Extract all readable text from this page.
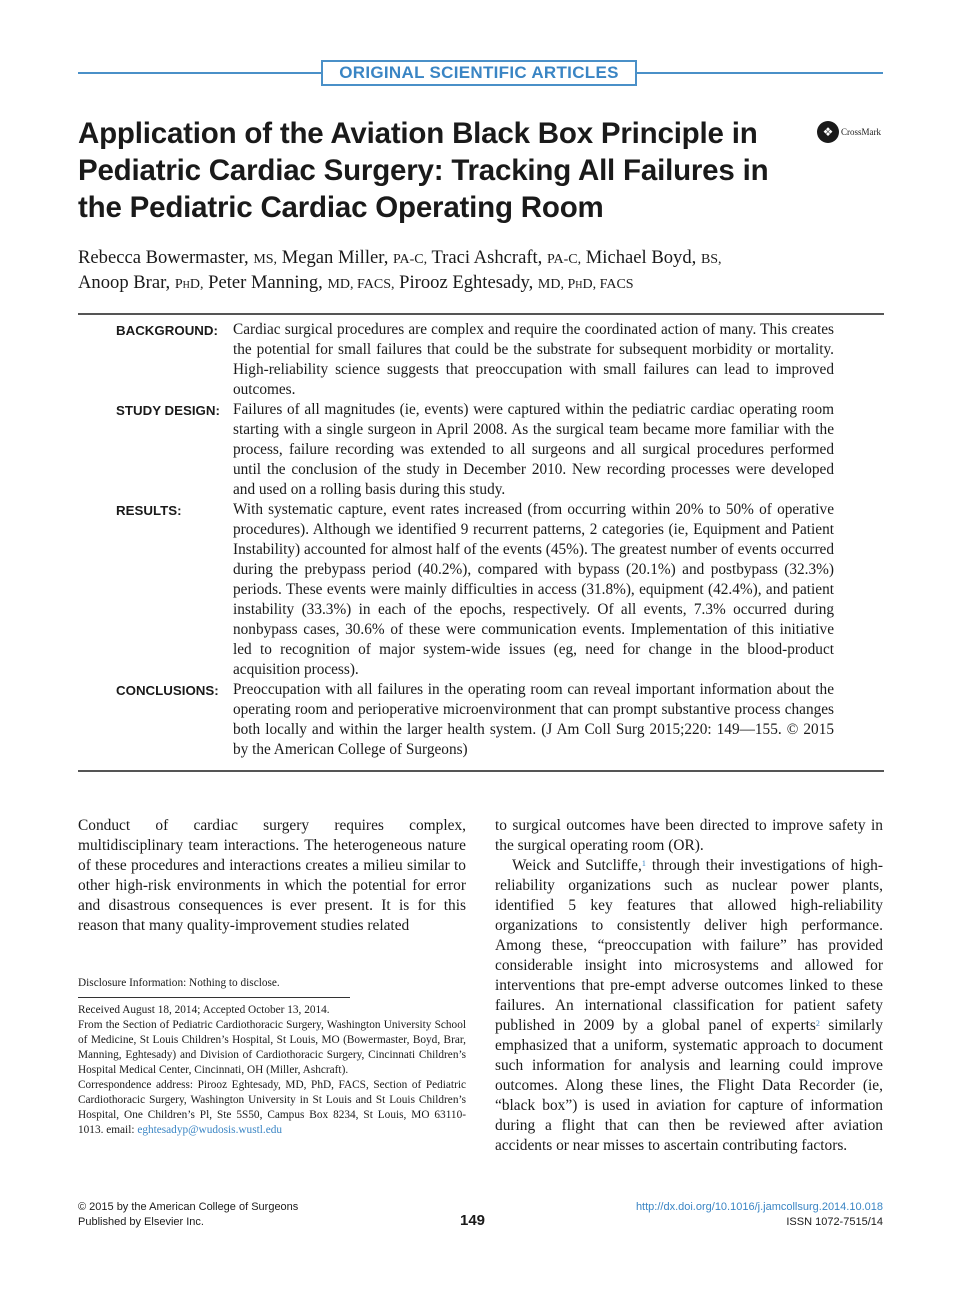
ORIGINAL SCIENTIFIC ARTICLES
Application of the Aviation Black Box Principle in Pediatric Cardiac Surgery: Tracking All Failures in the Pediatric Cardiac Operating Room
❖ CrossMark
Rebecca Bowermaster, MS, Megan Miller, PA-C, Traci Ashcraft, PA-C, Michael Boyd, BS,
Anoop Brar, PhD, Peter Manning, MD, FACS, Pirooz Eghtesady, MD, PhD, FACS
BACKGROUND: Cardiac surgical procedures are complex and require the coordinated action of many. This creates the potential for small failures that could be the substrate for subsequent morbidity or mortality. High-reliability science suggests that preoccupation with small failures can lead to improved outcomes.
STUDY DESIGN: Failures of all magnitudes (ie, events) were captured within the pediatric cardiac operating room starting with a single surgeon in April 2008. As the surgical team became more familiar with the process, failure recording was extended to all surgeons and all surgical procedures performed until the conclusion of the study in December 2010. New recording processes were developed and used on a rolling basis during this study.
RESULTS:	With systematic capture, event rates increased (from occurring within 20% to 50% of operative procedures). Although we identified 9 recurrent patterns, 2 categories (ie, Equipment and Patient Instability) accounted for almost half of the events (45%). The greatest number of events occurred during the prebypass period (40.2%), compared with bypass (20.1%) and postbypass (32.3%) periods. These events were mainly difficulties in access (31.8%), equipment (42.4%), and patient instability (33.3%) in each of the epochs, respectively. Of all events, 7.3% occurred during nonbypass cases, 30.6% of these were communication events. Implementation of this initiative led to recognition of major system-wide issues (eg, need for change in the blood-product acquisition process).
CONCLUSIONS: Preoccupation with all failures in the operating room can reveal important information about the operating room and perioperative microenvironment that can prompt substantive process changes both locally and within the larger health system. (J Am Coll Surg 2015;220: 149—155. © 2015 by the American College of Surgeons)

Conduct of cardiac surgery requires complex, multidisciplinary team interactions. The heterogeneous nature of these procedures and interactions creates a milieu similar to other high-risk environments in which the potential for error and disastrous consequences is ever present. It is for this reason that many quality-improvement studies related

Disclosure Information: Nothing to disclose.

Received August 18, 2014; Accepted October 13, 2014.

From the Section of Pediatric Cardiothoracic Surgery, Washington University School of Medicine, St Louis Children’s Hospital, St Louis, MO (Bowermaster, Boyd, Brar, Manning, Eghtesady) and Division of Cardiothoracic Surgery, Cincinnati Children’s Hospital Medical Center, Cincinnati, OH (Miller, Ashcraft).

Correspondence address: Pirooz Eghtesady, MD, PhD, FACS, Section of Pediatric Cardiothoracic Surgery, Washington University in St Louis and St Louis Children’s Hospital, One Children’s Pl, Ste 5S50, Campus Box 8234, St Louis, MO 63110-1013. email: eghtesadyp@wudosis.wustl.edu

to surgical outcomes have been directed to improve safety in the surgical operating room (OR).

Weick and Sutcliffe,$^1$ through their investigations of high-reliability organizations such as nuclear power plants, identified 5 key features that allowed high-reliability organizations to consistently deliver high performance. Among these, “preoccupation with failure” has provided considerable insight into microsystems and allowed for interventions that pre-empt adverse outcomes linked to these failures. An international classification for patient safety published in 2009 by a global panel of experts$^2$ similarly emphasized that a uniform, systematic approach to document such information for analysis and learning could improve outcomes. Along these lines, the Flight Data Recorder (ie, “black box”) is used in aviation for capture of information during a flight that can then be reviewed after aviation accidents or near misses to ascertain contributing factors.

© 2015 by the American College of Surgeons
Published by Elsevier Inc.	149
http://dx.doi.org/10.1016/j.jamcollsurg.2014.10.018
ISSN 1072-7515/14
